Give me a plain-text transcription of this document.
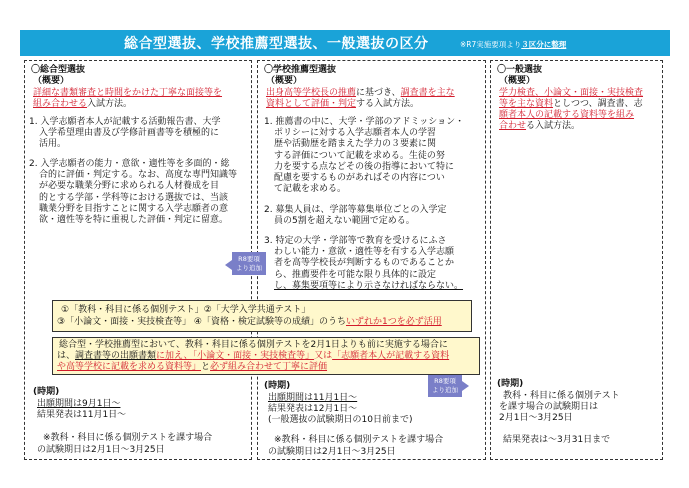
総合型選抜、学校推薦型選抜、一般選抜の区分	※R7実施要項より３区分に整理
〇総合型選抜
（概要）
詳細な書類審査と時間をかけた丁寧な面接等を
組み合わせる入試方法。
1. 入学志願者本人が記載する活動報告書、大学
入学希望理由書及び学修計画書等を積極的に
活用。
2. 入学志願者の能力・意欲・適性等を多面的・総
合的に評価・判定する。なお、高度な専門知識等
が必要な職業分野に求められる人材養成を目
的とする学部・学科等における選抜では、当該
職業分野を目指すことに関する入学志願者の意
欲・適性等を特に重視した評価・判定に留意。
(時期)
出願期間は9月1日～
結果発表は11月1日～
※教科・科目に係る個別テストを課す場合
の試験期日は2月1日～3月25日
〇学校推薦型選抜
（概要）
出身高等学校長の推薦に基づき、調査書を主な
資料として評価・判定する入試方法。
1. 推薦書の中に、大学・学部のアドミッション・
ポリシーに対する入学志願者本人の学習
歴や活動歴を踏まえた学力の３要素に関
する評価について記載を求める。生徒の努
力を要する点などその後の指導において特に
配慮を要するものがあればその内容につい
て記載を求める。
2. 募集人員は、学部等募集単位ごとの入学定
員の5割を超えない範囲で定める。
3. 特定の大学・学部等で教育を受けるにふさ
わしい能力・意欲・適性等を有する入学志願
者を高等学校長が判断するものであることか
ら、推薦要件を可能な限り具体的に設定
し、募集要項等により示さなければならない。
(時期)
出願期間は11月1日～
結果発表は12月1日～
(一般選抜の試験期日の10日前まで)
※教科・科目に係る個別テストを課す場合
の試験期日は2月1日～3月25日
〇一般選抜
（概要）
学力検査、小論文・面接・実技検査
等を主な資料としつつ、調査書、志
願者本人の記載する資料等を組み
合わせる入試方法。
(時期)
教科・科目に係る個別テスト
を課す場合の試験期日は
2月1日～3月25日
結果発表は～3月31日まで
R8要項
より追加
R8要項
より追加
①「教科・科目に係る個別テスト」②「大学入学共通テスト」
③「小論文・面接・実技検査等」 ④「資格・検定試験等の成績」のうちいずれか1つを必ず活用
総合型・学校推薦型において、教科・科目に係る個別テストを2月1日よりも前に実施する場合に
は、調査書等の出願書類に加え、「小論文・面接・実技検査等」又は「志願者本人が記載する資料
や高等学校に記載を求める資料等」と必ず組み合わせて丁寧に評価
